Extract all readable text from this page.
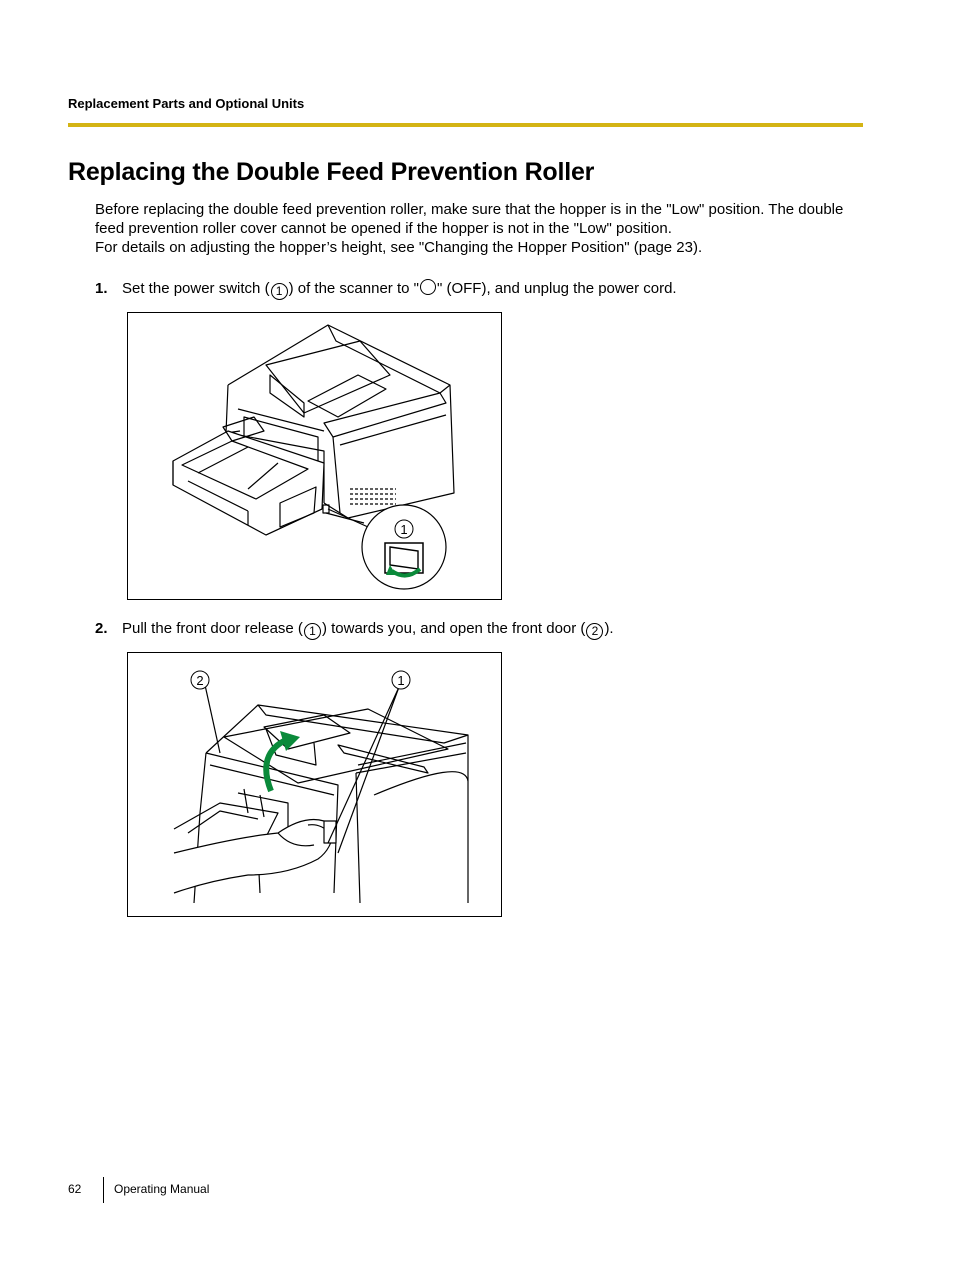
Replacement Parts and Optional Units
Replacing the Double Feed Prevention Roller

Before replacing the double feed prevention roller, make sure that the hopper is in the "Low" position. The double feed prevention roller cover cannot be opened if the hopper is not in the "Low" position.

For details on adjusting the hopper’s height, see "Changing the Hopper Position" (page 23).

1. Set the power switch ( 1 ) of the scanner to " " (OFF), and unplug the power cord.
1
2. Pull the front door release ( 1 ) towards you, and open the front door ( 2 ).
2	1
62	Operating Manual
